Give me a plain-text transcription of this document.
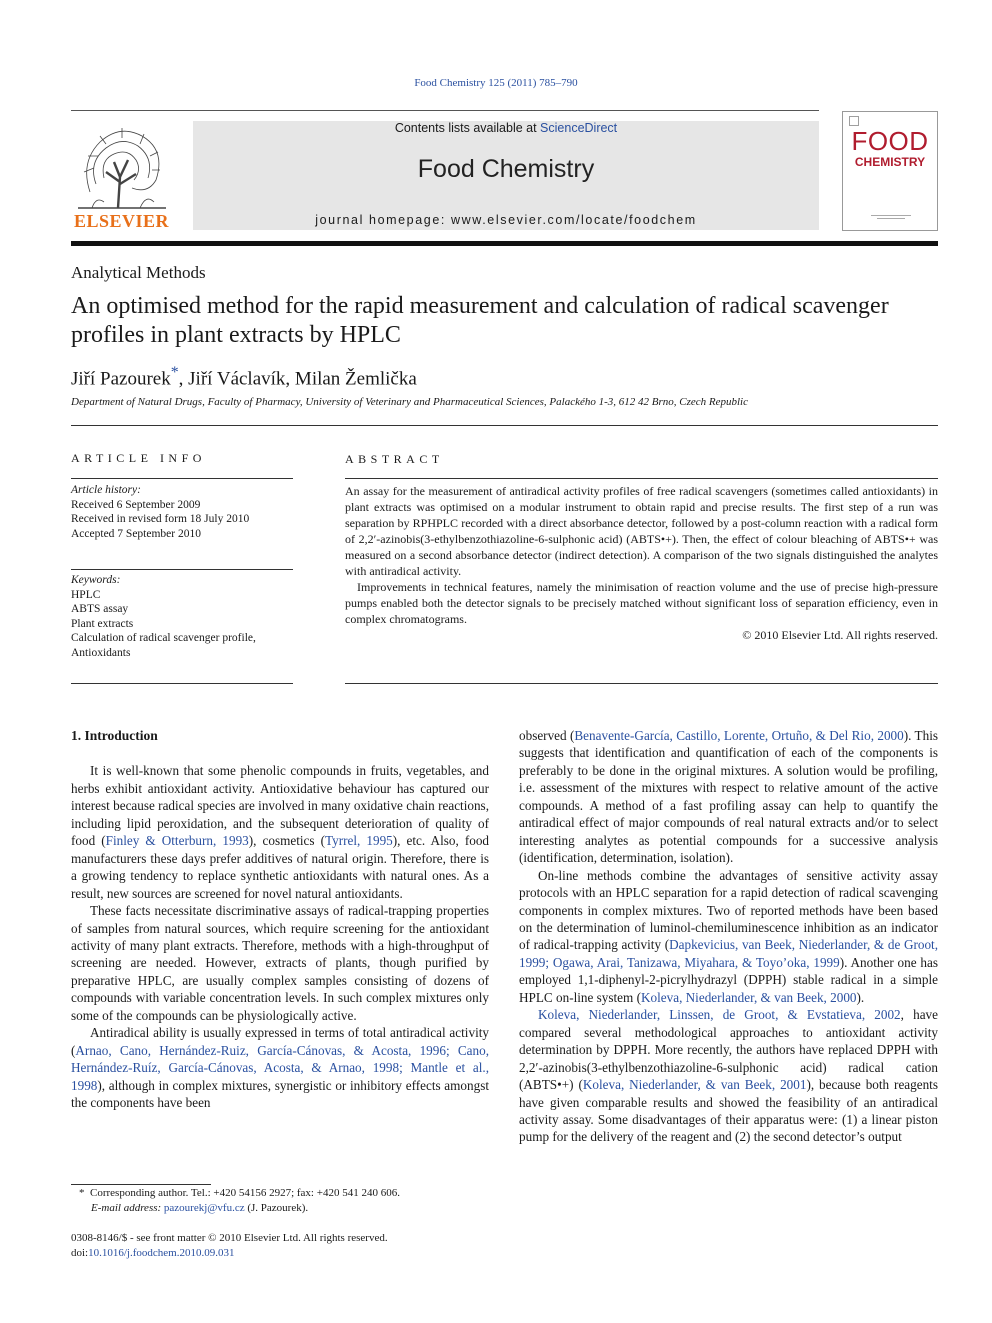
Food Chemistry 125 (2011) 785–790
ELSEVIER
Contents lists available at ScienceDirect
Food Chemistry
journal homepage: www.elsevier.com/locate/foodchem
FOOD
CHEMISTRY
Analytical Methods
An optimised method for the rapid measurement and calculation of radical scavenger profiles in plant extracts by HPLC
Jiří Pazourek*, Jiří Václavík, Milan Žemlička
Department of Natural Drugs, Faculty of Pharmacy, University of Veterinary and Pharmaceutical Sciences, Palackého 1-3, 612 42 Brno, Czech Republic
ARTICLE INFO
Article history:
Received 6 September 2009
Received in revised form 18 July 2010
Accepted 7 September 2010
Keywords:
HPLC
ABTS assay
Plant extracts
Calculation of radical scavenger profile,
Antioxidants
ABSTRACT

An assay for the measurement of antiradical activity profiles of free radical scavengers (sometimes called antioxidants) in plant extracts was optimised on a modular instrument to obtain rapid and precise results. The first step of a run was separation by RPHPLC recorded with a direct absorbance detector, followed by a post-column reaction with a radical form of 2,2′-azinobis(3-ethylbenzothiazoline-6-sulphonic acid) (ABTS•+). Then, the effect of colour bleaching of ABTS•+ was measured on a second absorbance detector (indirect detection). A comparison of the two signals distinguished the analytes with antiradical activity.

Improvements in technical features, namely the minimisation of reaction volume and the use of precise high-pressure pumps enabled both the detector signals to be precisely matched without significant loss of separation efficiency, even in complex chromatograms.

© 2010 Elsevier Ltd. All rights reserved.

1. Introduction

It is well-known that some phenolic compounds in fruits, vegetables, and herbs exhibit antioxidant activity. Antioxidative behaviour has captured our interest because radical species are involved in many oxidative chain reactions, including lipid peroxidation, and the subsequent deterioration of quality of food (Finley & Otterburn, 1993), cosmetics (Tyrrel, 1995), etc. Also, food manufacturers these days prefer additives of natural origin. Therefore, there is a growing tendency to replace synthetic antioxidants with natural ones. As a result, new sources are screened for novel natural antioxidants.

These facts necessitate discriminative assays of radical-trapping properties of samples from natural sources, which require screening for the antioxidant activity of many plant extracts. Therefore, methods with a high-throughput of screening are needed. However, extracts of plants, though purified by preparative HPLC, are usually complex samples consisting of dozens of compounds with variable concentration levels. In such complex mixtures only some of the compounds can be physiologically active.

Antiradical ability is usually expressed in terms of total antiradical activity (Arnao, Cano, Hernández-Ruiz, García-Cánovas, & Acosta, 1996; Cano, Hernández-Ruíz, García-Cánovas, Acosta, & Arnao, 1998; Mantle et al., 1998), although in complex mixtures, synergistic or inhibitory effects amongst the components have been

observed (Benavente-García, Castillo, Lorente, Ortuño, & Del Rio, 2000). This suggests that identification and quantification of each of the components is preferably to be done in the original mixtures. A solution would be profiling, i.e. assessment of the mixtures with respect to relative amount of the active compounds. A method of a fast profiling assay can help to quantify the antiradical effect of major compounds of real natural extracts and/or to select interesting analytes as potential compounds for a successive analysis (identification, determination, isolation).

On-line methods combine the advantages of sensitive activity assay protocols with an HPLC separation for a rapid detection of radical scavenging components in complex mixtures. Two of reported methods have been based on the determination of luminol-chemiluminescence inhibition as an indicator of radical-trapping activity (Dapkevicius, van Beek, Niederlander, & de Groot, 1999; Ogawa, Arai, Tanizawa, Miyahara, & Toyo’oka, 1999). Another one has employed 1,1-diphenyl-2-picrylhydrazyl (DPPH) stable radical in a simple HPLC on-line system (Koleva, Niederlander, & van Beek, 2000).

Koleva, Niederlander, Linssen, de Groot, & Evstatieva, 2002, have compared several methodological approaches to antioxidant activity determination by DPPH. More recently, the authors have replaced DPPH with 2,2′-azinobis(3-ethylbenzothiazoline-6-sulphonic acid) radical cation (ABTS•+) (Koleva, Niederlander, & van Beek, 2001), because both reagents have given comparable results and showed the feasibility of an antiradical activity assay. Some disadvantages of their apparatus were: (1) a linear piston pump for the delivery of the reagent and (2) the second detector’s output

* Corresponding author. Tel.: +420 54156 2927; fax: +420 541 240 606.
E-mail address: pazourekj@vfu.cz (J. Pazourek).
0308-8146/$ - see front matter © 2010 Elsevier Ltd. All rights reserved.
doi:10.1016/j.foodchem.2010.09.031
